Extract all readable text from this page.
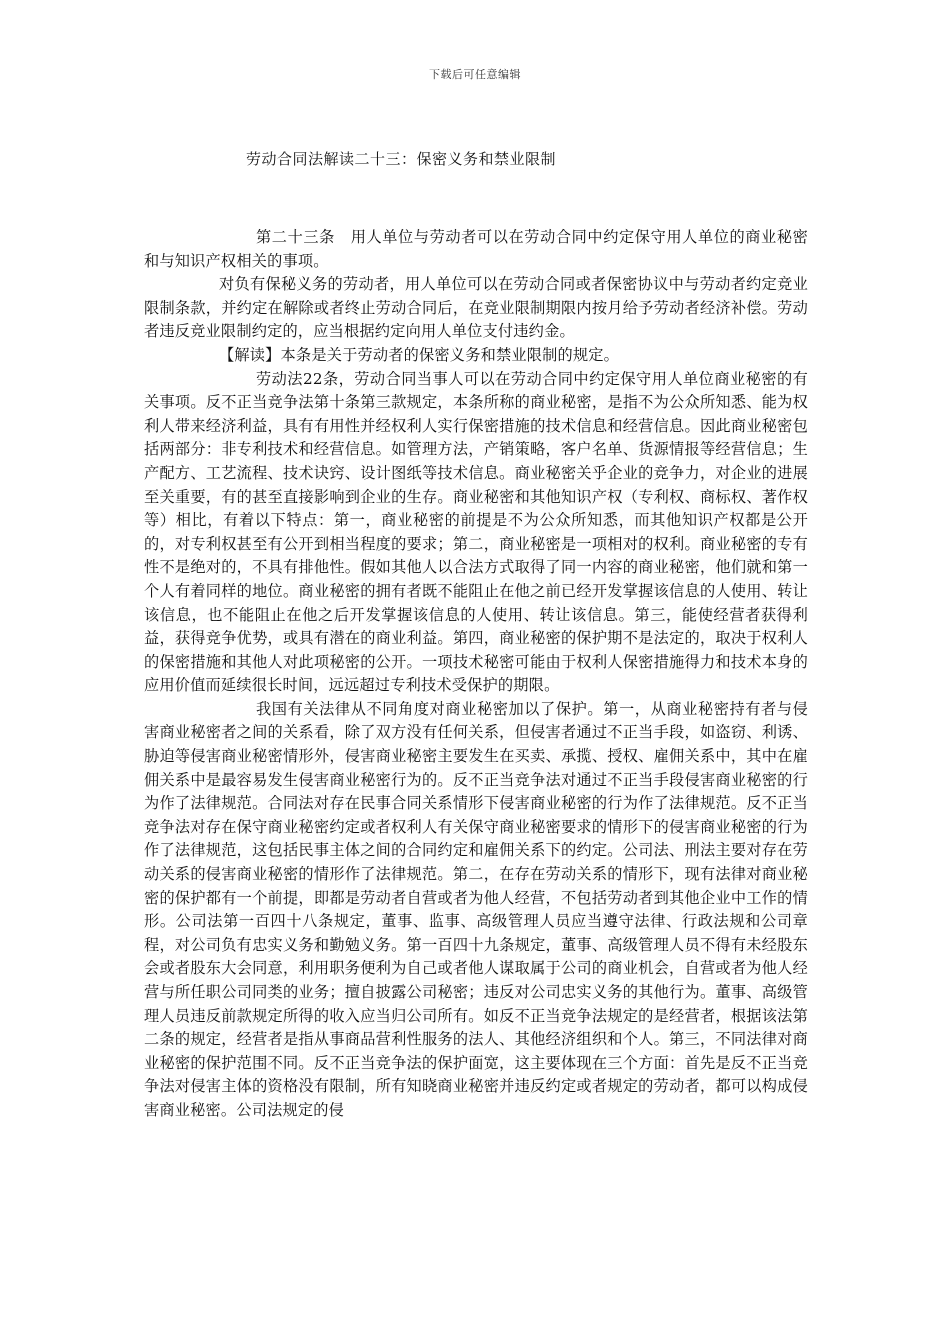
下载后可任意编辑
劳动合同法解读二十三：保密义务和禁业限制

第二十三条　用人单位与劳动者可以在劳动合同中约定保守用人单位的商业秘密和与知识产权相关的事项。

对负有保秘义务的劳动者，用人单位可以在劳动合同或者保密协议中与劳动者约定竞业限制条款，并约定在解除或者终止劳动合同后，在竞业限制期限内按月给予劳动者经济补偿。劳动者违反竞业限制约定的，应当根据约定向用人单位支付违约金。

【解读】本条是关于劳动者的保密义务和禁业限制的规定。

劳动法22条，劳动合同当事人可以在劳动合同中约定保守用人单位商业秘密的有关事项。反不正当竞争法第十条第三款规定，本条所称的商业秘密，是指不为公众所知悉、能为权利人带来经济利益，具有有用性并经权利人实行保密措施的技术信息和经营信息。因此商业秘密包括两部分：非专利技术和经营信息。如管理方法，产销策略，客户名单、货源情报等经营信息；生产配方、工艺流程、技术诀窍、设计图纸等技术信息。商业秘密关乎企业的竞争力，对企业的进展至关重要，有的甚至直接影响到企业的生存。商业秘密和其他知识产权（专利权、商标权、著作权等）相比，有着以下特点：第一，商业秘密的前提是不为公众所知悉，而其他知识产权都是公开的，对专利权甚至有公开到相当程度的要求；第二，商业秘密是一项相对的权利。商业秘密的专有性不是绝对的，不具有排他性。假如其他人以合法方式取得了同一内容的商业秘密，他们就和第一个人有着同样的地位。商业秘密的拥有者既不能阻止在他之前已经开发掌握该信息的人使用、转让该信息，也不能阻止在他之后开发掌握该信息的人使用、转让该信息。第三，能使经营者获得利益，获得竞争优势，或具有潜在的商业利益。第四，商业秘密的保护期不是法定的，取决于权利人的保密措施和其他人对此项秘密的公开。一项技术秘密可能由于权利人保密措施得力和技术本身的应用价值而延续很长时间，远远超过专利技术受保护的期限。

我国有关法律从不同角度对商业秘密加以了保护。第一，从商业秘密持有者与侵害商业秘密者之间的关系看，除了双方没有任何关系，但侵害者通过不正当手段，如盗窃、利诱、胁迫等侵害商业秘密情形外，侵害商业秘密主要发生在买卖、承揽、授权、雇佣关系中，其中在雇佣关系中是最容易发生侵害商业秘密行为的。反不正当竞争法对通过不正当手段侵害商业秘密的行为作了法律规范。合同法对存在民事合同关系情形下侵害商业秘密的行为作了法律规范。反不正当竞争法对存在保守商业秘密约定或者权利人有关保守商业秘密要求的情形下的侵害商业秘密的行为作了法律规范，这包括民事主体之间的合同约定和雇佣关系下的约定。公司法、刑法主要对存在劳动关系的侵害商业秘密的情形作了法律规范。第二，在存在劳动关系的情形下，现有法律对商业秘密的保护都有一个前提，即都是劳动者自营或者为他人经营，不包括劳动者到其他企业中工作的情形。公司法第一百四十八条规定，董事、监事、高级管理人员应当遵守法律、行政法规和公司章程，对公司负有忠实义务和勤勉义务。第一百四十九条规定，董事、高级管理人员不得有未经股东会或者股东大会同意，利用职务便利为自己或者他人谋取属于公司的商业机会，自营或者为他人经营与所任职公司同类的业务；擅自披露公司秘密；违反对公司忠实义务的其他行为。董事、高级管理人员违反前款规定所得的收入应当归公司所有。如反不正当竞争法规定的是经营者，根据该法第二条的规定，经营者是指从事商品营利性服务的法人、其他经济组织和个人。第三，不同法律对商业秘密的保护范围不同。反不正当竞争法的保护面宽，这主要体现在三个方面：首先是反不正当竞争法对侵害主体的资格没有限制，所有知晓商业秘密并违反约定或者规定的劳动者，都可以构成侵害商业秘密。公司法规定的侵
